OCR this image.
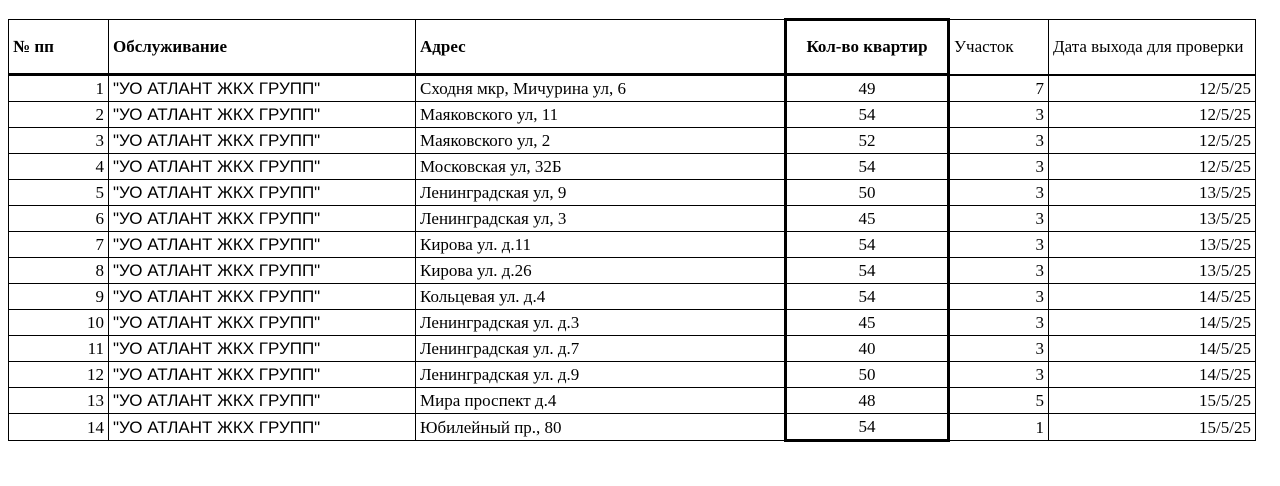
№ пп	Обслуживание	Адрес	Кол-во квартир	Участок	Дата выхода для проверки
1	"УО АТЛАНТ ЖКХ ГРУПП"	Сходня мкр, Мичурина ул, 6	49	7	12/5/25
2	"УО АТЛАНТ ЖКХ ГРУПП"	Маяковского ул, 11	54	3	12/5/25
3	"УО АТЛАНТ ЖКХ ГРУПП"	Маяковского ул, 2	52	3	12/5/25
4	"УО АТЛАНТ ЖКХ ГРУПП"	Московская ул, 32Б	54	3	12/5/25
5	"УО АТЛАНТ ЖКХ ГРУПП"	Ленинградская ул, 9	50	3	13/5/25
6	"УО АТЛАНТ ЖКХ ГРУПП"	Ленинградская ул, 3	45	3	13/5/25
7	"УО АТЛАНТ ЖКХ ГРУПП"	Кирова ул. д.11	54	3	13/5/25
8	"УО АТЛАНТ ЖКХ ГРУПП"	Кирова ул. д.26	54	3	13/5/25
9	"УО АТЛАНТ ЖКХ ГРУПП"	Кольцевая ул. д.4	54	3	14/5/25
10	"УО АТЛАНТ ЖКХ ГРУПП"	Ленинградская ул. д.3	45	3	14/5/25
11	"УО АТЛАНТ ЖКХ ГРУПП"	Ленинградская ул. д.7	40	3	14/5/25
12	"УО АТЛАНТ ЖКХ ГРУПП"	Ленинградская ул. д.9	50	3	14/5/25
13	"УО АТЛАНТ ЖКХ ГРУПП"	Мира проспект д.4	48	5	15/5/25
14	"УО АТЛАНТ ЖКХ ГРУПП"	Юбилейный пр., 80	54	1	15/5/25
